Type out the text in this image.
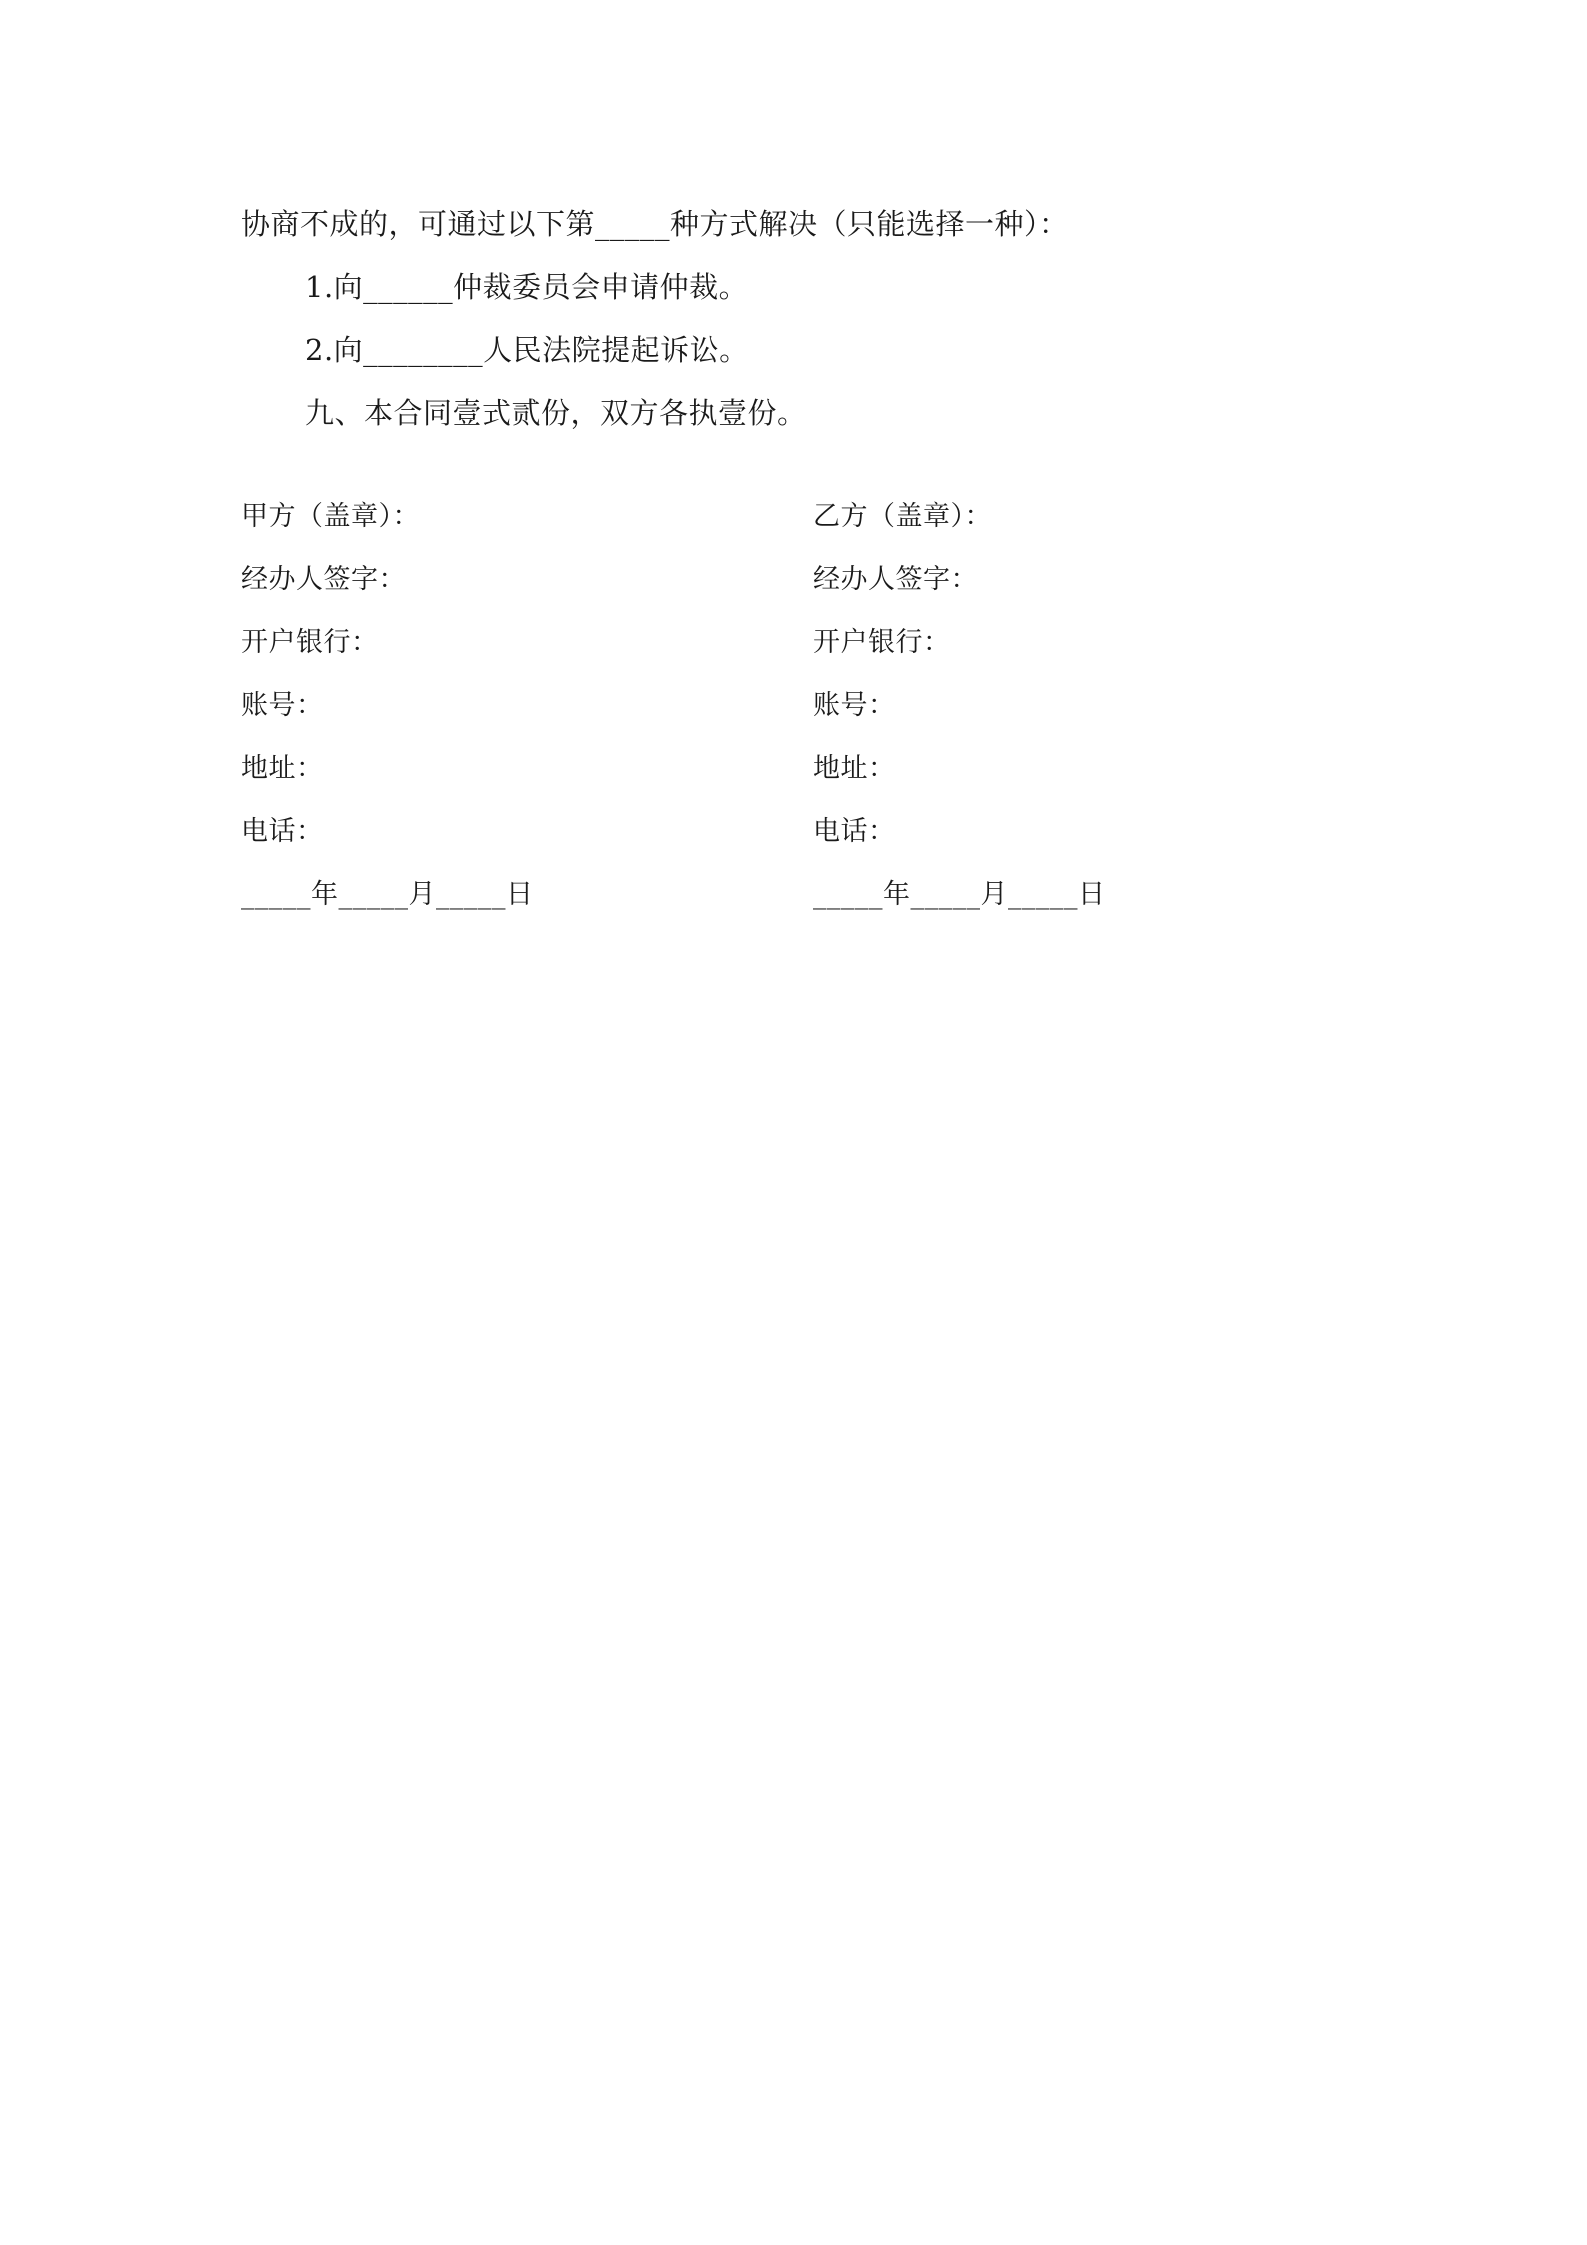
协商不成的，可通过以下第_____种方式解决（只能选择一种）：
1.向______仲裁委员会申请仲裁。
2.向________人民法院提起诉讼。
九、本合同壹式贰份，双方各执壹份。
甲方（盖章）：
经办人签字：
开户银行：
账号：
地址：
电话：
_____年_____月_____日
乙方（盖章）：
经办人签字：
开户银行：
账号：
地址：
电话：
_____年_____月_____日
